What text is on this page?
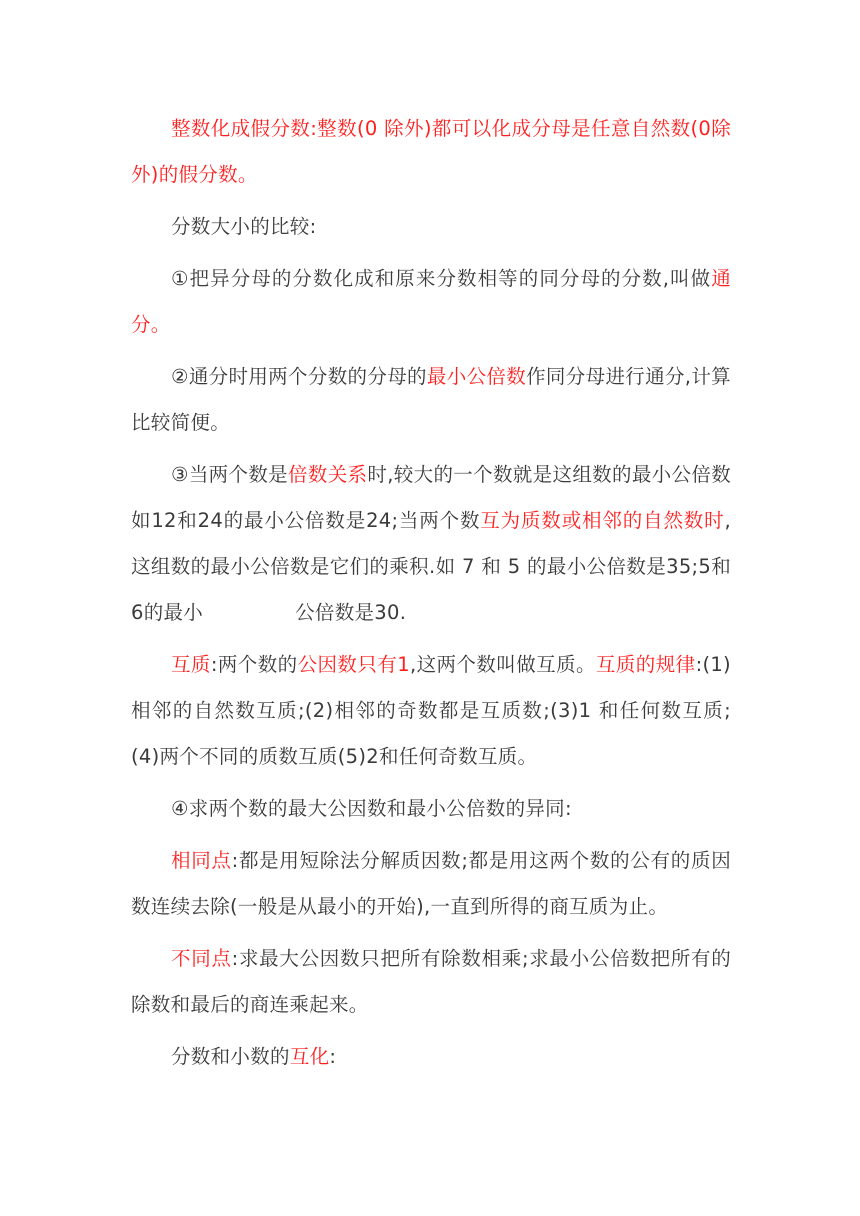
整数化成假分数:整数(0 除外)都可以化成分母是任意自然数(0除外)的假分数。

分数大小的比较:

①把异分母的分数化成和原来分数相等的同分母的分数,叫做通分。

②通分时用两个分数的分母的最小公倍数作同分母进行通分,计算比较简便。

③当两个数是倍数关系时,较大的一个数就是这组数的最小公倍数如12和24的最小公倍数是24;当两个数互为质数或相邻的自然数时,这组数的最小公倍数是它们的乘积.如 7 和 5 的最小公倍数是35;5和6的最小	公倍数是30.

互质:两个数的公因数只有1,这两个数叫做互质。互质的规律:(1)相邻的自然数互质;(2)相邻的奇数都是互质数;(3)1 和任何数互质;(4)两个不同的质数互质(5)2和任何奇数互质。

④求两个数的最大公因数和最小公倍数的异同:

相同点:都是用短除法分解质因数;都是用这两个数的公有的质因数连续去除(一般是从最小的开始),一直到所得的商互质为止。

不同点:求最大公因数只把所有除数相乘;求最小公倍数把所有的除数和最后的商连乘起来。

分数和小数的互化:
